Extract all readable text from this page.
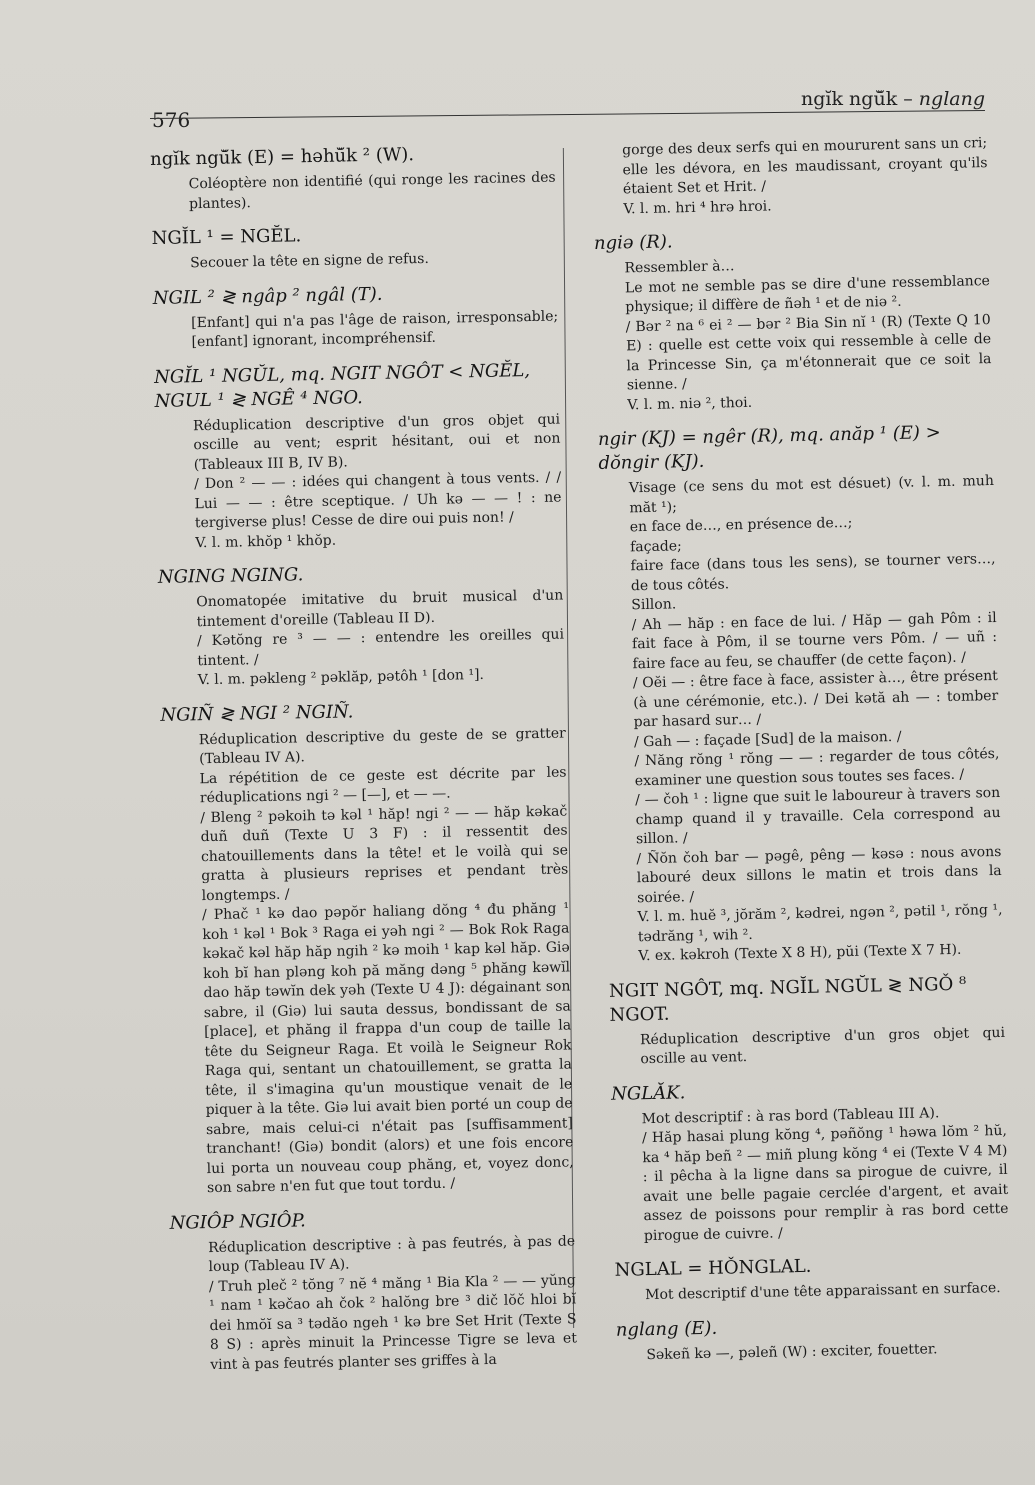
576
ngĭk ngŭ̆k – nglang
ngĭk ngŭ̆k (E) = hǝhŭ̆k ² (W).

Coléoptère non identifié (qui ronge les racines des plantes).

NGĬL ¹ = NGĔL.

Secouer la tête en signe de refus.

NGIL ² ≷ ngâp ² ngâl (T).

[Enfant] qui n'a pas l'âge de raison, irresponsable; [enfant] ignorant, incompréhensif.

NGĬL ¹ NGŬL, mq. NGIT NGÔT < NGĔL, NGUL ¹ ≷ NGÊ ⁴ NGO.

Réduplication descriptive d'un gros objet qui oscille au vent; esprit hésitant, oui et non (Tableaux III B, IV B).

/ Don ² — — : idées qui changent à tous vents. / / Lui — — : être sceptique. / Uh kǝ — — ! : ne tergiverse plus! Cesse de dire oui puis non! /

V. l. m. khŏp ¹ khŏp.

NGING NGING.

Onomatopée imitative du bruit musical d'un tintement d'oreille (Tableau II D).

/ Kǝtŏng re ³ — — : entendre les oreilles qui tintent. /

V. l. m. pǝkleng ² pǝklăp, pǝtôh ¹ [don ¹].

NGIÑ ≷ NGI ² NGIÑ.

Réduplication descriptive du geste de se gratter (Tableau IV A).

La répétition de ce geste est décrite par les réduplications ngi ² — [—], et — —.

/ Bleng ² pǝkoih tǝ kǝl ¹ hăp! ngi ² — — hăp kǝkač duñ duñ (Texte U 3 F) : il ressentit des chatouillements dans la tête! et le voilà qui se gratta à plusieurs reprises et pendant très longtemps. /

/ Phač ¹ kǝ dao pǝpŏr haliang dŏng ⁴ đu phăng ¹ koh ¹ kǝl ¹ Bok ³ Raga ei yǝh ngi ² — Bok Rok Raga kǝkač kǝl hăp hăp ngih ² kǝ moih ¹ kap kǝl hăp. Giǝ koh bĭ han plǝng koh pă măng dǝng ⁵ phăng kǝwĭl dao hăp tǝwĭn dek yǝh (Texte U 4 J): dégainant son sabre, il (Giǝ) lui sauta dessus, bondissant de sa [place], et phăng il frappa d'un coup de taille la tête du Seigneur Raga. Et voilà le Seigneur Rok Raga qui, sentant un chatouillement, se gratta la tête, il s'imagina qu'un moustique venait de le piquer à la tête. Giǝ lui avait bien porté un coup de sabre, mais celui-ci n'était pas [suffisamment] tranchant! (Giǝ) bondit (alors) et une fois encore lui porta un nouveau coup phăng, et, voyez donc, son sabre n'en fut que tout tordu. /

NGIÔP NGIÔP.

Réduplication descriptive : à pas feutrés, à pas de loup (Tableau IV A).

/ Truh plеč ² tŏng ⁷ nĕ ⁴ măng ¹ Bia Kla ² — — yŭng ¹ nam ¹ kǝčao ah čok ² halŏng bre ³ dič lŏč hloi bĭ dei hmŏĭ sa ³ tǝdăo ngeh ¹ kǝ bre Set Hrit (Texte S 8 S) : après minuit la Princesse Tigre se leva et vint à pas feutrés planter ses griffes à la

gorge des deux serfs qui en moururent sans un cri; elle les dévora, en les maudissant, croyant qu'ils étaient Set et Hrit. /

V. l. m. hri ⁴ hrǝ hroi.

ngiǝ (R).

Ressembler à…

Le mot ne semble pas se dire d'une ressemblance physique; il diffère de ñǝh ¹ et de niǝ ².

/ Bǝr ² na ⁶ ei ² — bǝr ² Bia Sin nĭ ¹ (R) (Texte Q 10 E) : quelle est cette voix qui ressemble à celle de la Princesse Sin, ça m'étonnerait que ce soit la sienne. /

V. l. m. niǝ ², thoi.

ngir (KJ) = ngêr (R), mq. anăp ¹ (E) > dŏngir (KJ).

Visage (ce sens du mot est désuet) (v. l. m. muh măt ¹);

en face de…, en présence de…;

façade;

faire face (dans tous les sens), se tourner vers…, de tous côtés.

Sillon.

/ Ah — hăp : en face de lui. / Hăp — gah Pôm : il fait face à Pôm, il se tourne vers Pôm. / — uñ : faire face au feu, se chauffer (de cette façon). /

/ Oĕi — : être face à face, assister à…, être présent (à une cérémonie, etc.). / Dei kǝtă ah — : tomber par hasard sur… /

/ Gah — : façade [Sud] de la maison. /

/ Năng rŏng ¹ rŏng — — : regarder de tous côtés, examiner une question sous toutes ses faces. /

/ — čoh ¹ : ligne que suit le laboureur à travers son champ quand il y travaille. Cela correspond au sillon. /

/ Ñŏn čoh bar — pǝgê, pêng — kǝsǝ : nous avons labouré deux sillons le matin et trois dans la soirée. /

V. l. m. huĕ ³, jŏrăm ², kǝdrei, ngǝn ², pǝtil ¹, rŏng ¹, tǝdrăng ¹, wih ².

V. ex. kǝkroh (Texte X 8 H), pŭi (Texte X 7 H).

NGIT NGÔT, mq. NGĬL NGŬL ≷ NGǑ ⁸ NGOT.

Réduplication descriptive d'un gros objet qui oscille au vent.

NGLĂK.

Mot descriptif : à ras bord (Tableau III A).

/ Hăp hasai plung kŏng ⁴, pǝñŏng ¹ hǝwa lŏm ² hŭ, ka ⁴ hăp beñ ² — miñ plung kŏng ⁴ ei (Texte V 4 M) : il pêcha à la ligne dans sa pirogue de cuivre, il avait une belle pagaie cerclée d'argent, et avait assez de poissons pour remplir à ras bord cette pirogue de cuivre. /

NGLAL = HǑNGLAL.

Mot descriptif d'une tête apparaissant en surface.

nglang (E).

Sǝkeñ kǝ —, pǝleñ (W) : exciter, fouetter.
